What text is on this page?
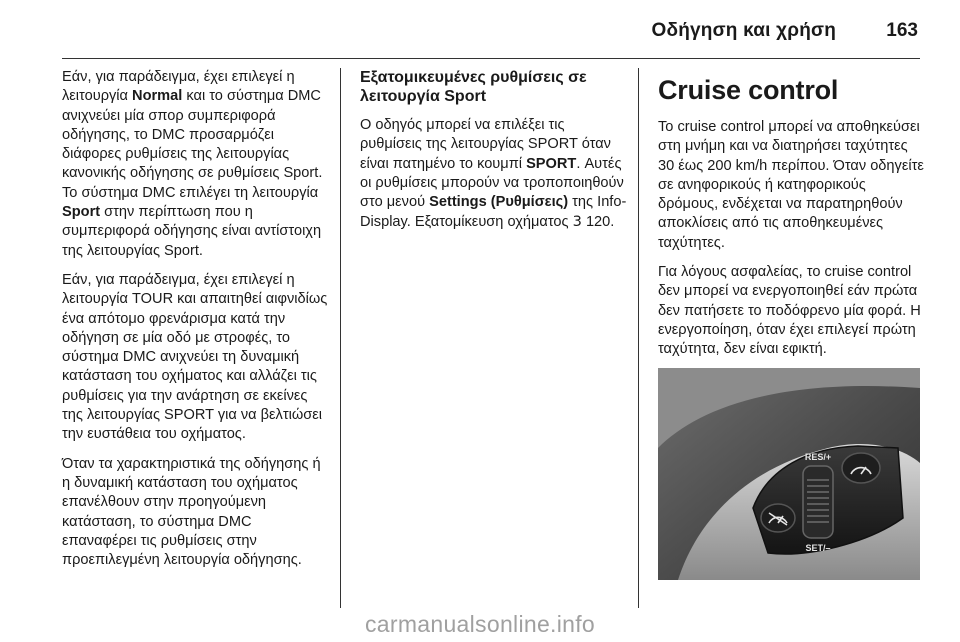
Οδήγηση και χρήση	163

Εάν, για παράδειγμα, έχει επιλεγεί η λειτουργία Normal και το σύστημα DMC ανιχνεύει μία σπορ συμπεριφορά οδήγησης, το DMC προσαρμόζει διάφορες ρυθμίσεις της λειτουργίας κανονικής οδήγησης σε ρυθμίσεις Sport. Το σύστημα DMC επιλέγει τη λειτουργία Sport στην περίπτωση που η συμπεριφορά οδήγησης είναι αντίστοιχη της λειτουργίας Sport.

Εάν, για παράδειγμα, έχει επιλεγεί η λειτουργία TOUR και απαιτηθεί αιφνιδίως ένα απότομο φρενάρισμα κατά την οδήγηση σε μία οδό με στροφές, το σύστημα DMC ανιχνεύει τη δυναμική κατάσταση του οχήματος και αλλάζει τις ρυθμίσεις για την ανάρτηση σε εκείνες της λειτουργίας SPORT για να βελτιώσει την ευστάθεια του οχήματος.

Όταν τα χαρακτηριστικά της οδήγησης ή η δυναμική κατάσταση του οχήματος επανέλθουν στην προηγούμενη κατάσταση, το σύστημα DMC επαναφέρει τις ρυθμίσεις στην προεπιλεγμένη λειτουργία οδήγησης.

Εξατομικευμένες ρυθμίσεις σε λειτουργία Sport

Ο οδηγός μπορεί να επιλέξει τις ρυθμίσεις της λειτουργίας SPORT όταν είναι πατημένο το κουμπί SPORT. Αυτές οι ρυθμίσεις μπορούν να τροποποιηθούν στο μενού Settings (Ρυθμίσεις) της Info-Display. Εξατομίκευση οχήματος 3 120.

Cruise control

Το cruise control μπορεί να αποθηκεύσει στη μνήμη και να διατηρήσει ταχύτητες 30 έως 200 km/h περίπου. Όταν οδηγείτε σε ανηφορικούς ή κατηφορικούς δρόμους, ενδέχεται να παρατηρηθούν αποκλίσεις από τις αποθηκευμένες ταχύτητες.

Για λόγους ασφαλείας, το cruise control δεν μπορεί να ενεργοποιηθεί εάν πρώτα δεν πατήσετε το ποδόφρενο μία φορά. Η ενεργοποίηση, όταν έχει επιλεγεί πρώτη ταχύτητα, δεν είναι εφικτή.

RES/+
SET/–
carmanualsonline.info
